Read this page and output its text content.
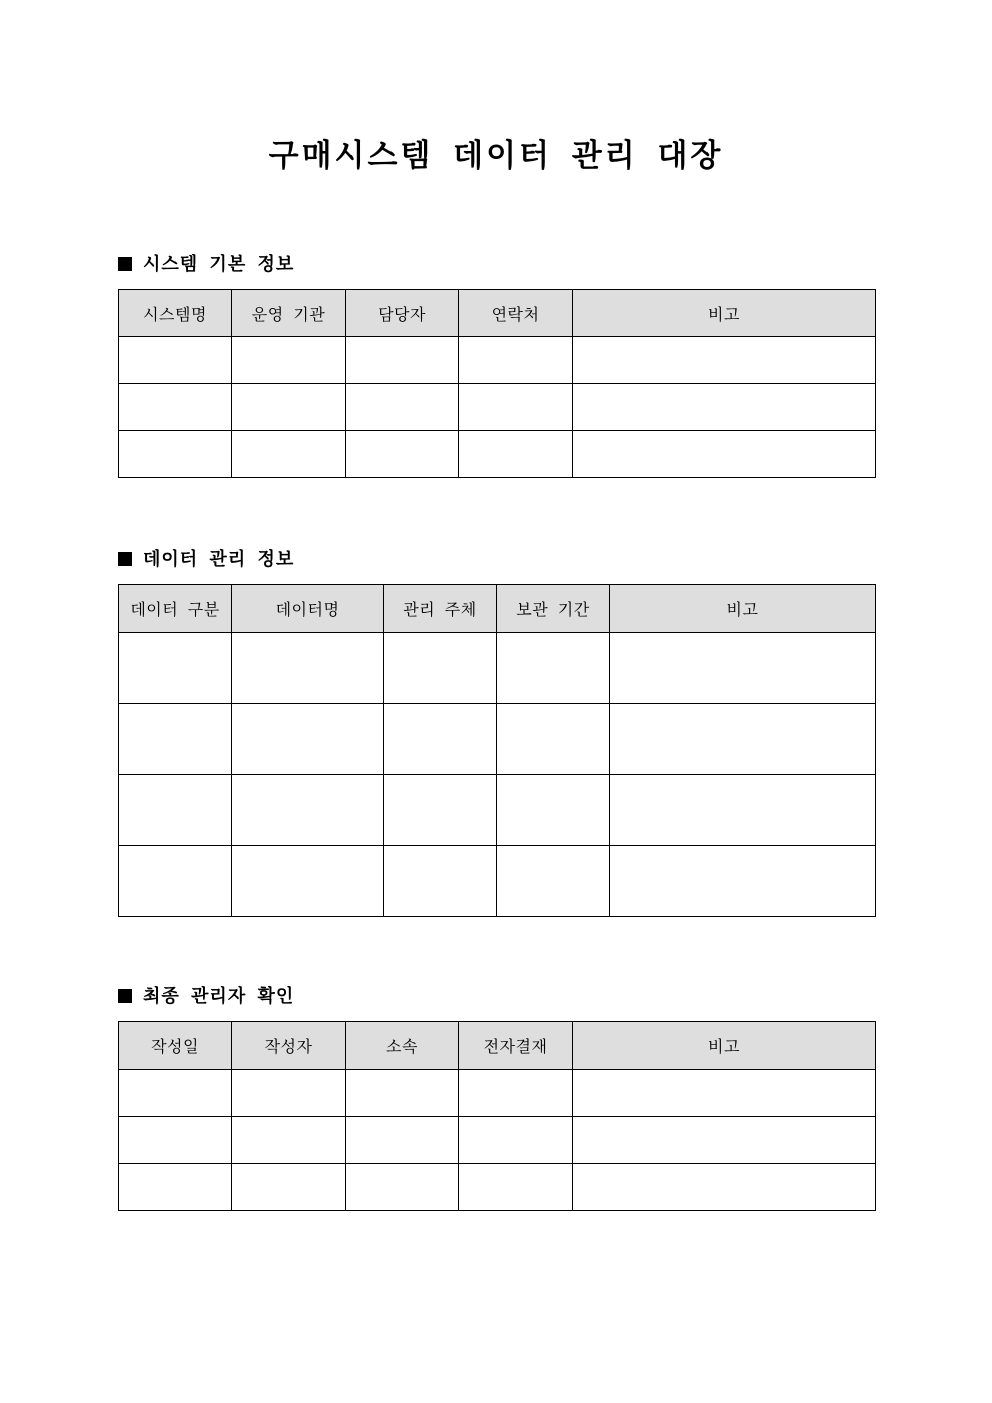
구매시스템 데이터 관리 대장
시스템 기본 정보
시스템명	운영 기관	담당자	연락처	비고

데이터 관리 정보
데이터 구분	데이터명	관리 주체	보관 기간	비고

최종 관리자 확인
작성일	작성자	소속	전자결재	비고
